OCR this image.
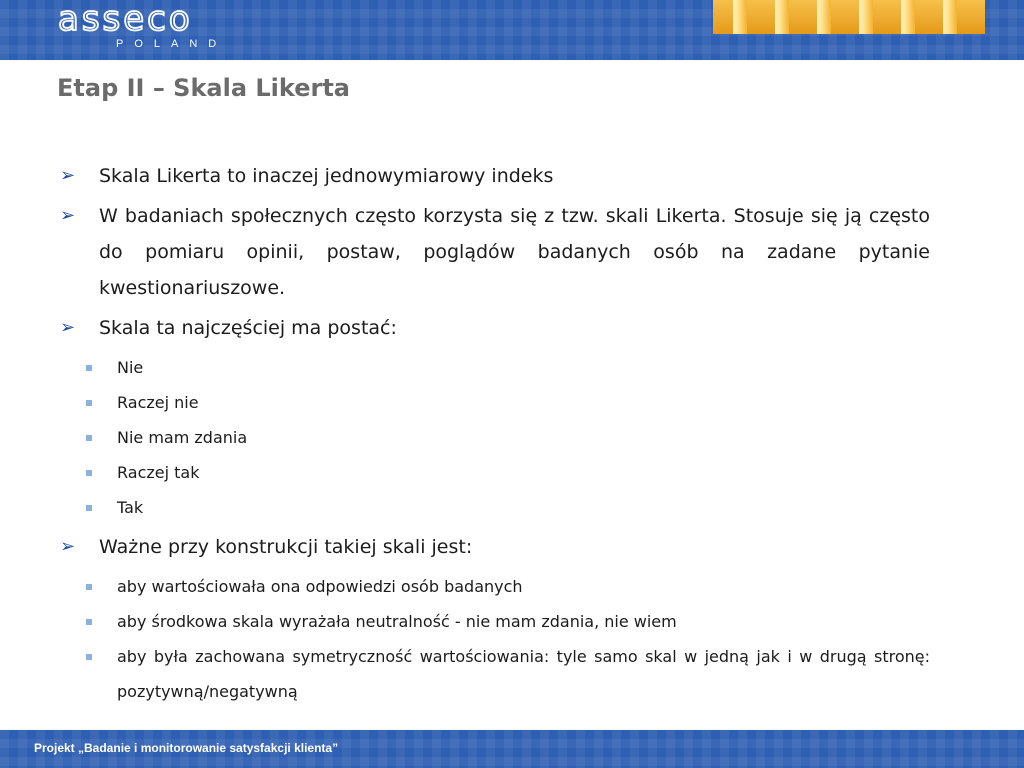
asseco
POLAND
Etap II – Skala Likerta
➢ Skala Likerta to inaczej jednowymiarowy indeks
➢ W badaniach społecznych często korzysta się z tzw. skali Likerta. Stosuje się ją często do pomiaru opinii, postaw, poglądów badanych osób na zadane pytanie kwestionariuszowe.
➢ Skala ta najczęściej ma postać:
Nie
Raczej nie
Nie mam zdania
Raczej tak
Tak
➢ Ważne przy konstrukcji takiej skali jest:
aby wartościowała ona odpowiedzi osób badanych
aby środkowa skala wyrażała neutralność - nie mam zdania, nie wiem
aby była zachowana symetryczność wartościowania: tyle samo skal w jedną jak i w drugą stronę: pozytywną/negatywną
Projekt „Badanie i monitorowanie satysfakcji klienta”
